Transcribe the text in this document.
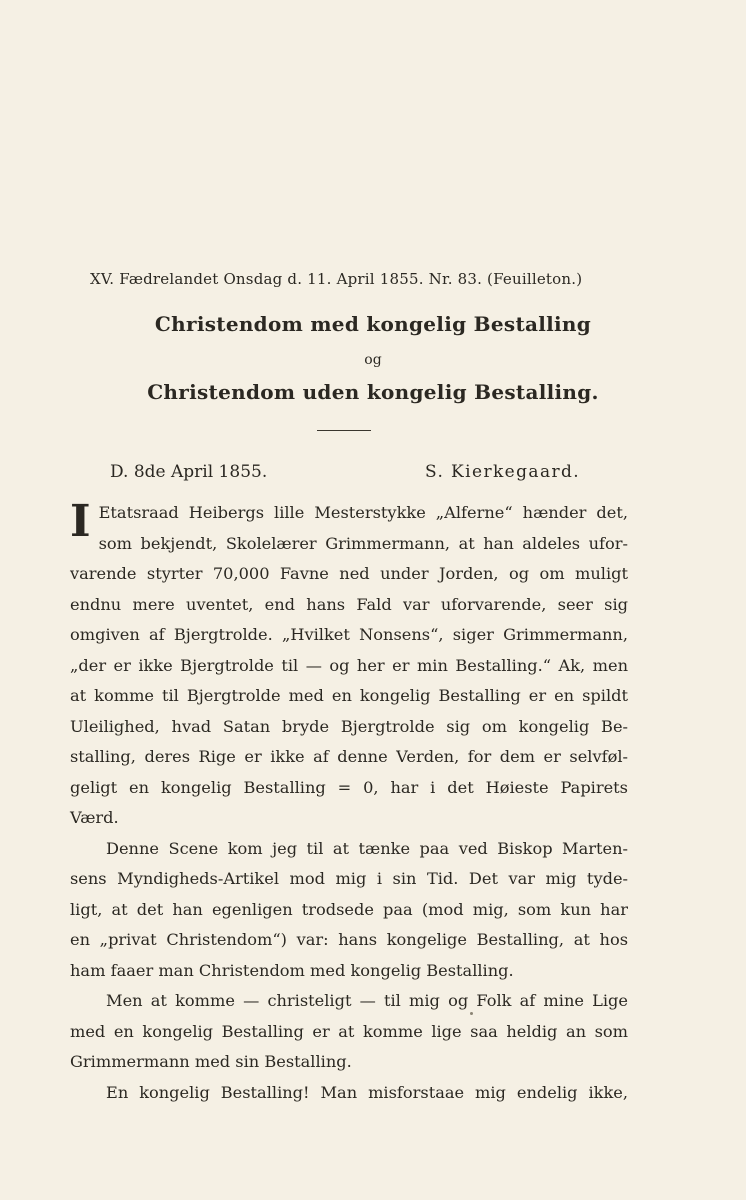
XV. Fædrelandet Onsdag d. 11. April 1855. Nr. 83. (Feuilleton.)
Christendom med kongelig Bestalling
og
Christendom uden kongelig Bestalling.
D. 8de April 1855.	S. Kierkegaard.

I Etatsraad Heibergs lille Mesterstykke „Alferne“ hænder det,
som bekjendt, Skolelærer Grimmermann, at han aldeles ufor-
varende styrter 70,000 Favne ned under Jorden, og om muligt
endnu mere uventet, end hans Fald var uforvarende, seer sig
omgiven af Bjergtrolde. „Hvilket Nonsens“, siger Grimmermann,
„der er ikke Bjergtrolde til — og her er min Bestalling.“ Ak, men
at komme til Bjergtrolde med en kongelig Bestalling er en spildt
Uleilighed, hvad Satan bryde Bjergtrolde sig om kongelig Be-
stalling, deres Rige er ikke af denne Verden, for dem er selvføl-
geligt en kongelig Bestalling = 0, har i det Høieste Papirets
Værd.

Denne Scene kom jeg til at tænke paa ved Biskop Marten-
sens Myndigheds-Artikel mod mig i sin Tid. Det var mig tyde-
ligt, at det han egenligen trodsede paa (mod mig, som kun har
en „privat Christendom“) var: hans kongelige Bestalling, at hos
ham faaer man Christendom med kongelig Bestalling.

Men at komme — christeligt — til mig og Folk af mine Lige
med en kongelig Bestalling er at komme lige saa heldig an som
Grimmermann med sin Bestalling.

En kongelig Bestalling! Man misforstaae mig endelig ikke,
